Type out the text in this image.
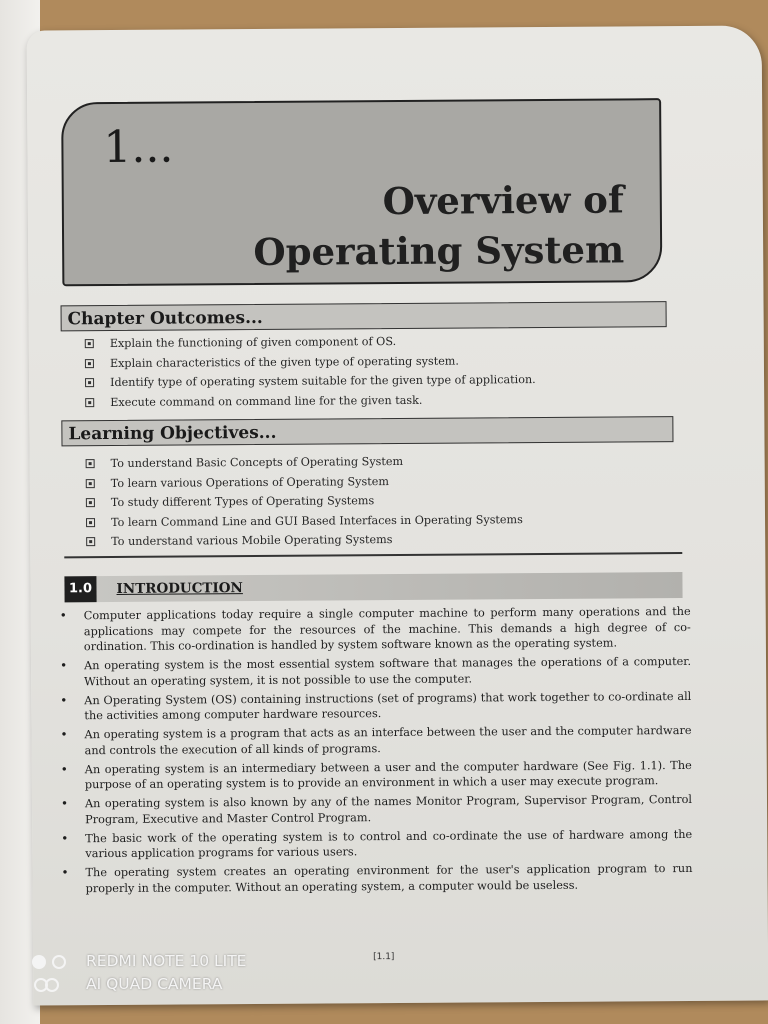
1...
Overview of
Operating System
Chapter Outcomes...
Explain the functioning of given component of OS.
Explain characteristics of the given type of operating system.
Identify type of operating system suitable for the given type of application.
Execute command on command line for the given task.
Learning Objectives...
To understand Basic Concepts of Operating System
To learn various Operations of Operating System
To study different Types of Operating Systems
To learn Command Line and GUI Based Interfaces in Operating Systems
To understand various Mobile Operating Systems
1.0	INTRODUCTION
• Computer applications today require a single computer machine to perform many operations and the applications may compete for the resources of the machine. This demands a high degree of co-ordination. This co-ordination is handled by system software known as the operating system.
• An operating system is the most essential system software that manages the operations of a computer. Without an operating system, it is not possible to use the computer.
• An Operating System (OS) containing instructions (set of programs) that work together to co-ordinate all the activities among computer hardware resources.
• An operating system is a program that acts as an interface between the user and the computer hardware and controls the execution of all kinds of programs.
• An operating system is an intermediary between a user and the computer hardware (See Fig. 1.1). The purpose of an operating system is to provide an environment in which a user may execute program.
• An operating system is also known by any of the names Monitor Program, Supervisor Program, Control Program, Executive and Master Control Program.
• The basic work of the operating system is to control and co-ordinate the use of hardware among the various application programs for various users.
• The operating system creates an operating environment for the user's application program to run properly in the computer. Without an operating system, a computer would be useless.
[1.1]
REDMI NOTE 10 LITE
AI QUAD CAMERA
